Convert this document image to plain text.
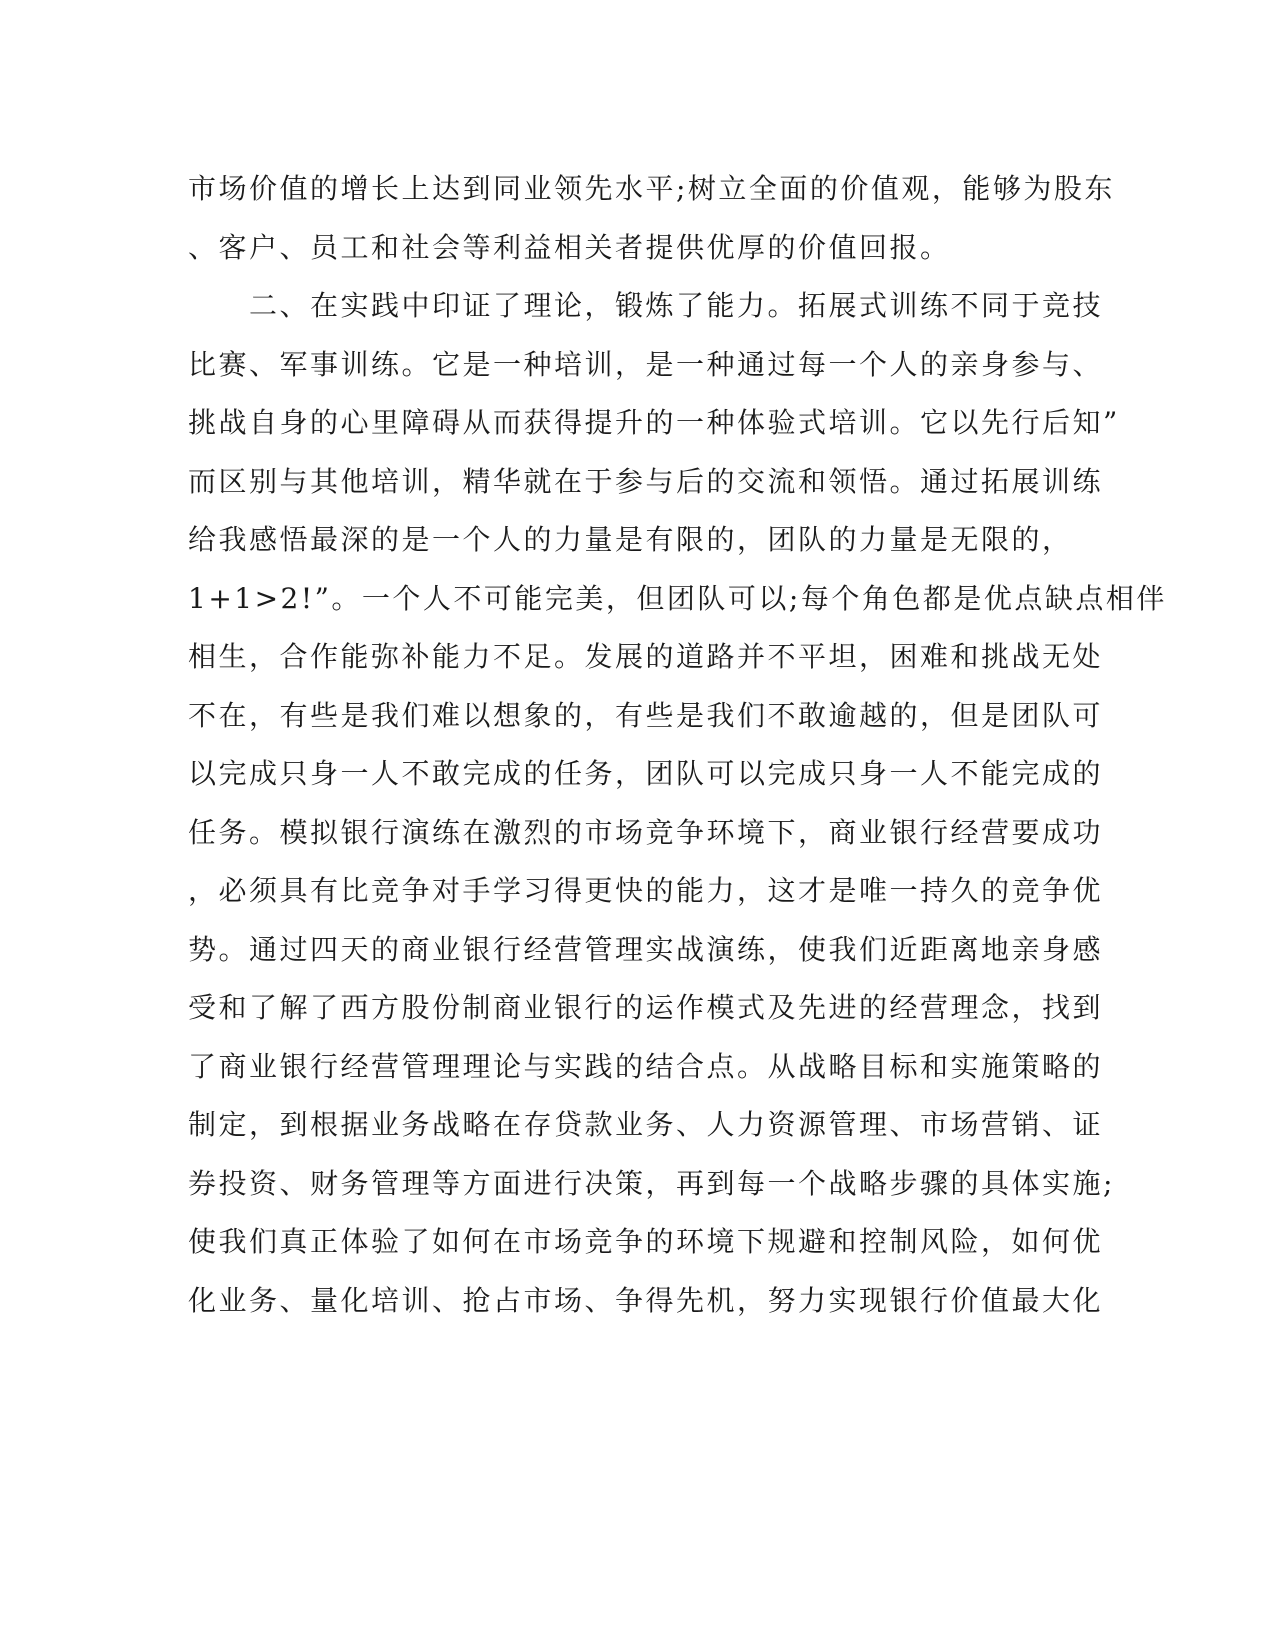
市场价值的增长上达到同业领先水平;树立全面的价值观，能够为股东
、客户、员工和社会等利益相关者提供优厚的价值回报。
　　二、在实践中印证了理论，锻炼了能力。拓展式训练不同于竞技
比赛、军事训练。它是一种培训，是一种通过每一个人的亲身参与、
挑战自身的心里障碍从而获得提升的一种体验式培训。它以先行后知”
而区别与其他培训，精华就在于参与后的交流和领悟。通过拓展训练
给我感悟最深的是一个人的力量是有限的，团队的力量是无限的，
1+1>2!”。一个人不可能完美，但团队可以;每个角色都是优点缺点相伴
相生，合作能弥补能力不足。发展的道路并不平坦，困难和挑战无处
不在，有些是我们难以想象的，有些是我们不敢逾越的，但是团队可
以完成只身一人不敢完成的任务，团队可以完成只身一人不能完成的
任务。模拟银行演练在激烈的市场竞争环境下，商业银行经营要成功
，必须具有比竞争对手学习得更快的能力，这才是唯一持久的竞争优
势。通过四天的商业银行经营管理实战演练，使我们近距离地亲身感
受和了解了西方股份制商业银行的运作模式及先进的经营理念，找到
了商业银行经营管理理论与实践的结合点。从战略目标和实施策略的
制定，到根据业务战略在存贷款业务、人力资源管理、市场营销、证
券投资、财务管理等方面进行决策，再到每一个战略步骤的具体实施;
使我们真正体验了如何在市场竞争的环境下规避和控制风险，如何优
化业务、量化培训、抢占市场、争得先机，努力实现银行价值最大化
